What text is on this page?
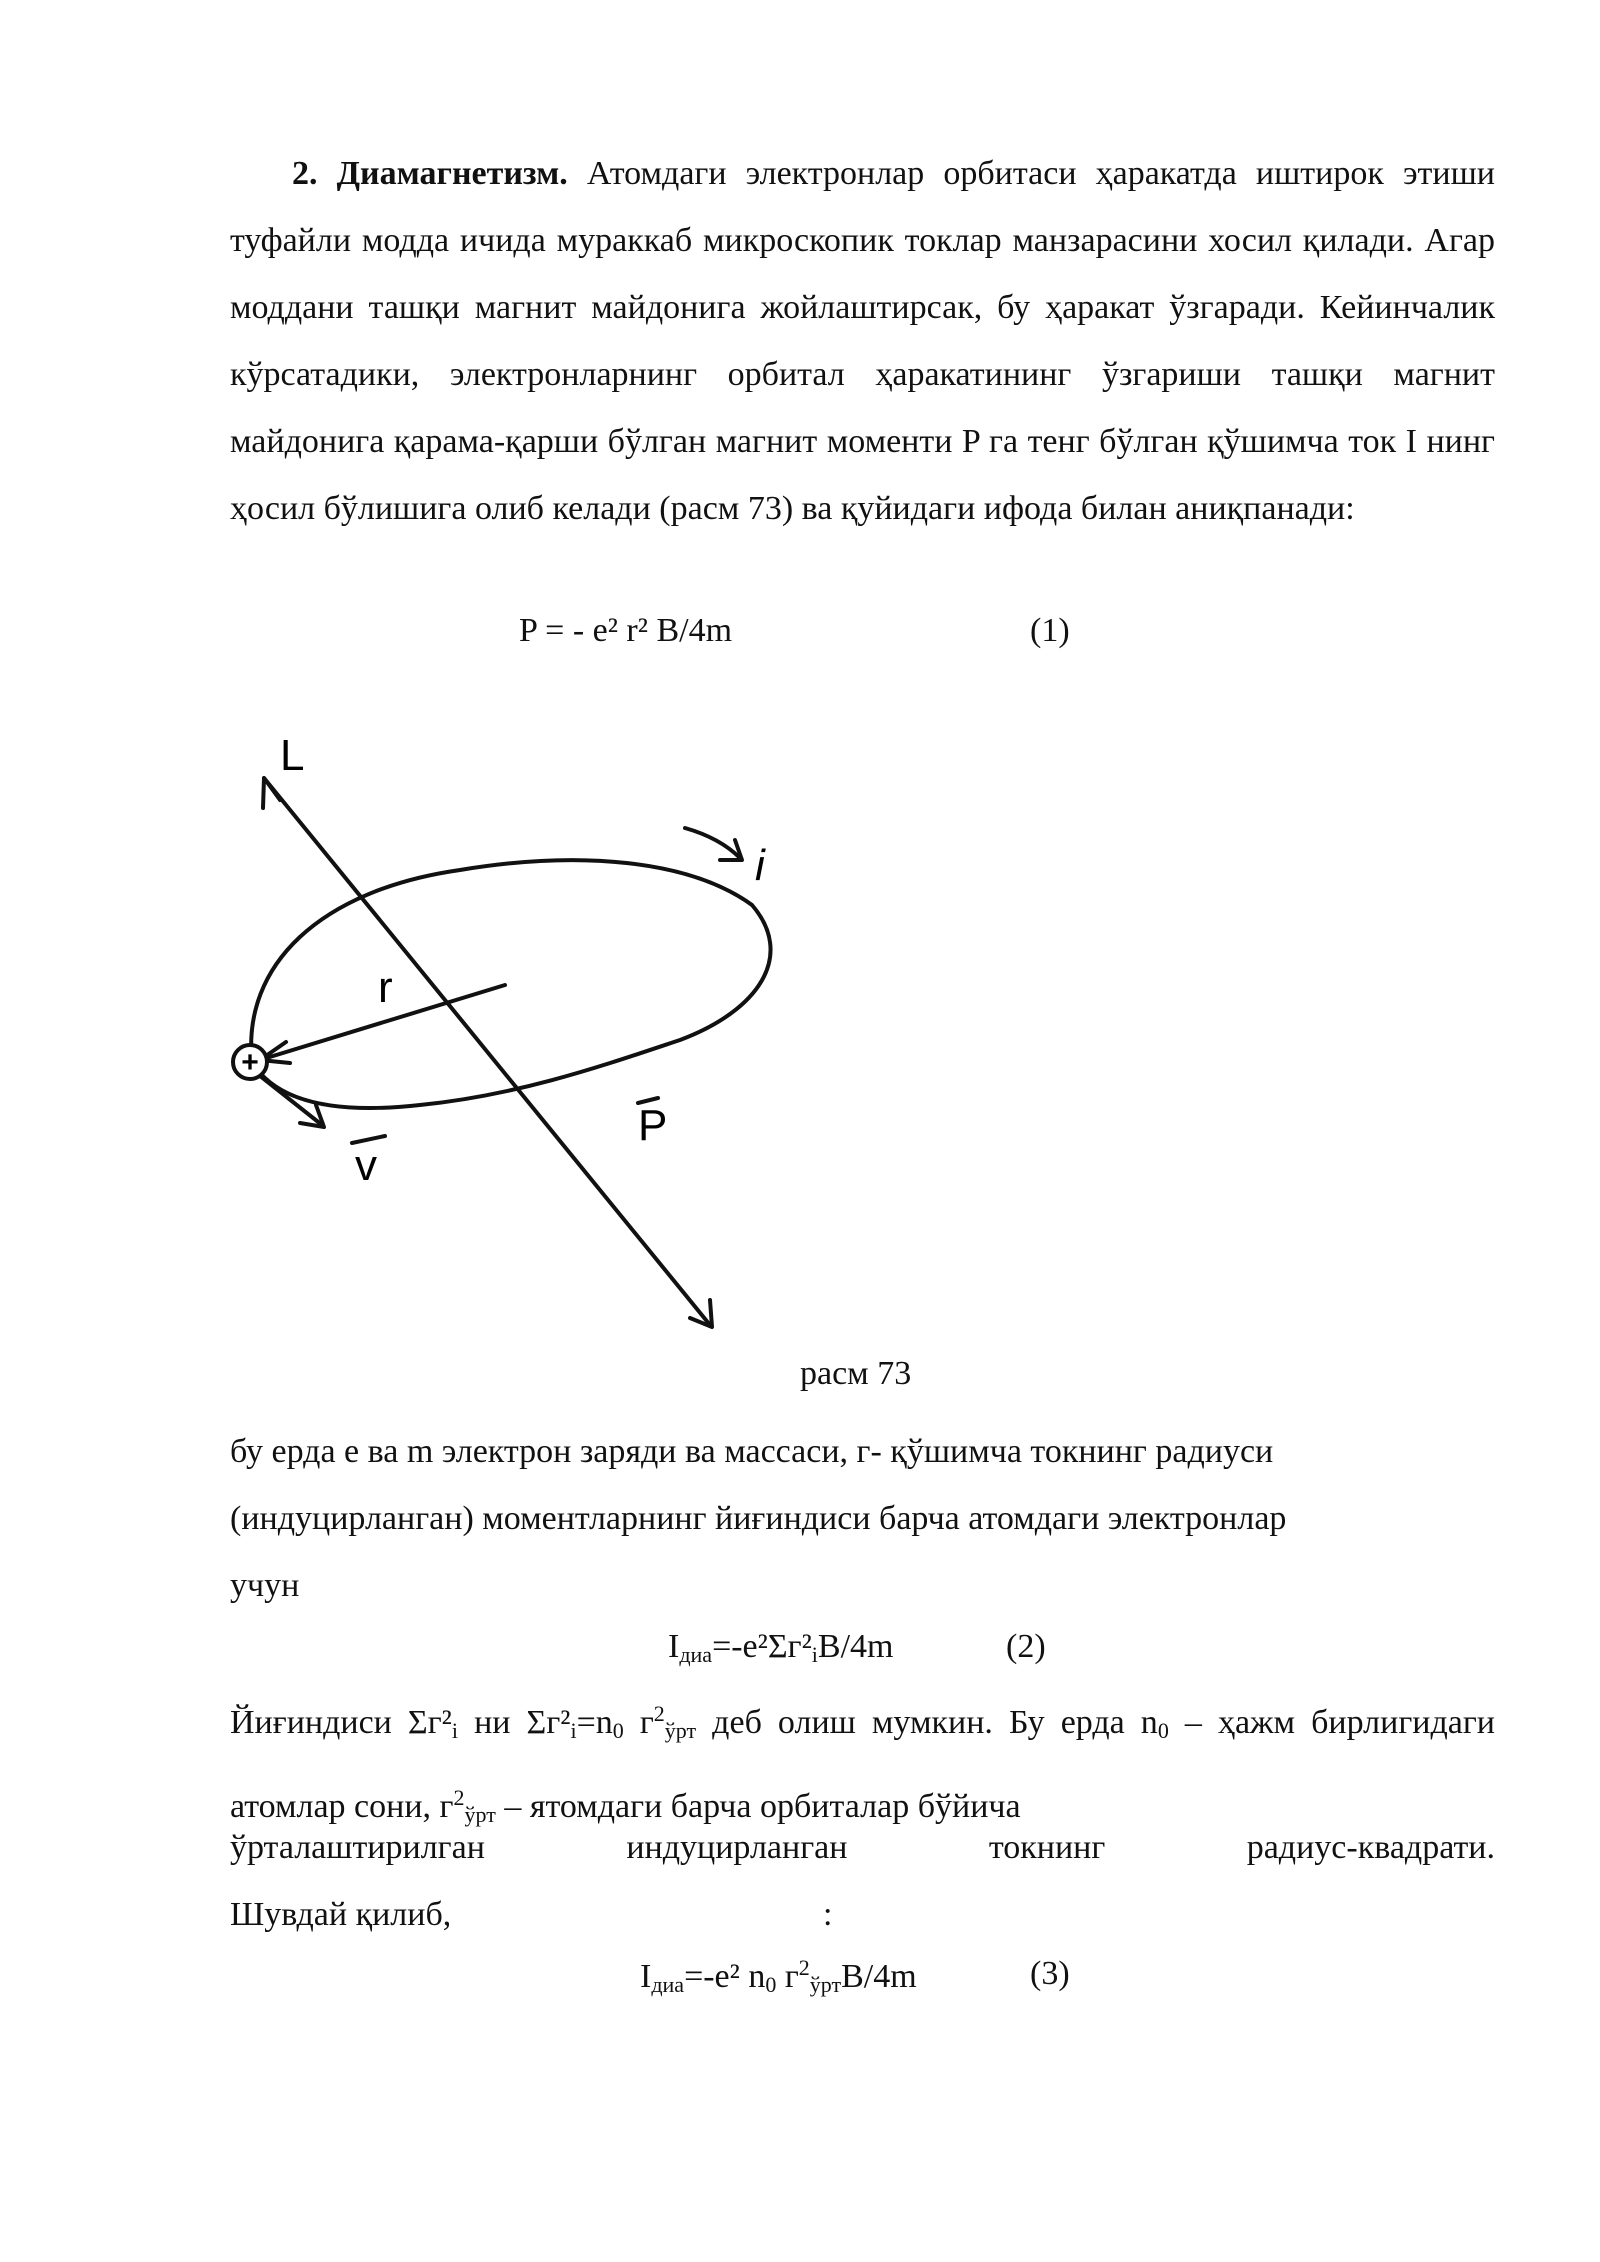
2. Диамагнетизм. Атомдаги электронлар орбитаси ҳаракатда иштирок этиши туфайли модда ичида мураккаб микроскопик токлар манзарасини хосил қилади. Агар моддани ташқи магнит майдонига жойлаштирсак, бу ҳаракат ўзгаради. Кейинчалик кўрсатадики, электронларнинг орбитал ҳаракатининг ўзгариши ташқи магнит майдонига қарама-қарши бўлган магнит моменти P га тенг бўлган қўшимча ток I нинг ҳосил бўлишига олиб келади (расм 73) ва қуйидаги ифода билан аниқпанади:

P = - e² r² B/4m	(1)
+
L
i
r
P
v
расм 73
бу ерда е ва m электрон заряди ва массаси, г- қўшимча токнинг радиуси
(индуцирланган) моментларнинг йиғиндиси барча атомдаги электронлар
учун
$I_{диа}=-е^2\Sigma г^2_iB/4m$	(2)

Йиғиндиси $\Sigma г^2_i$ ни $\Sigma г^2_i=n_0$ $г^2_{ўрт}$ деб олиш мумкин. Бу ерда $n_0$ – ҳажм бирлигидаги атомлар сони, $г^2_{ўрт}$ – ятомдаги барча орбиталар бўйича

ўрталаштирилган	индуцирланган	токнинг	радиус-квадрати.
Шувдай қилиб,	:
$I_{диа}=-е^2$ $n_0$ $г^2_{ўрт}B/4m$	(3)
